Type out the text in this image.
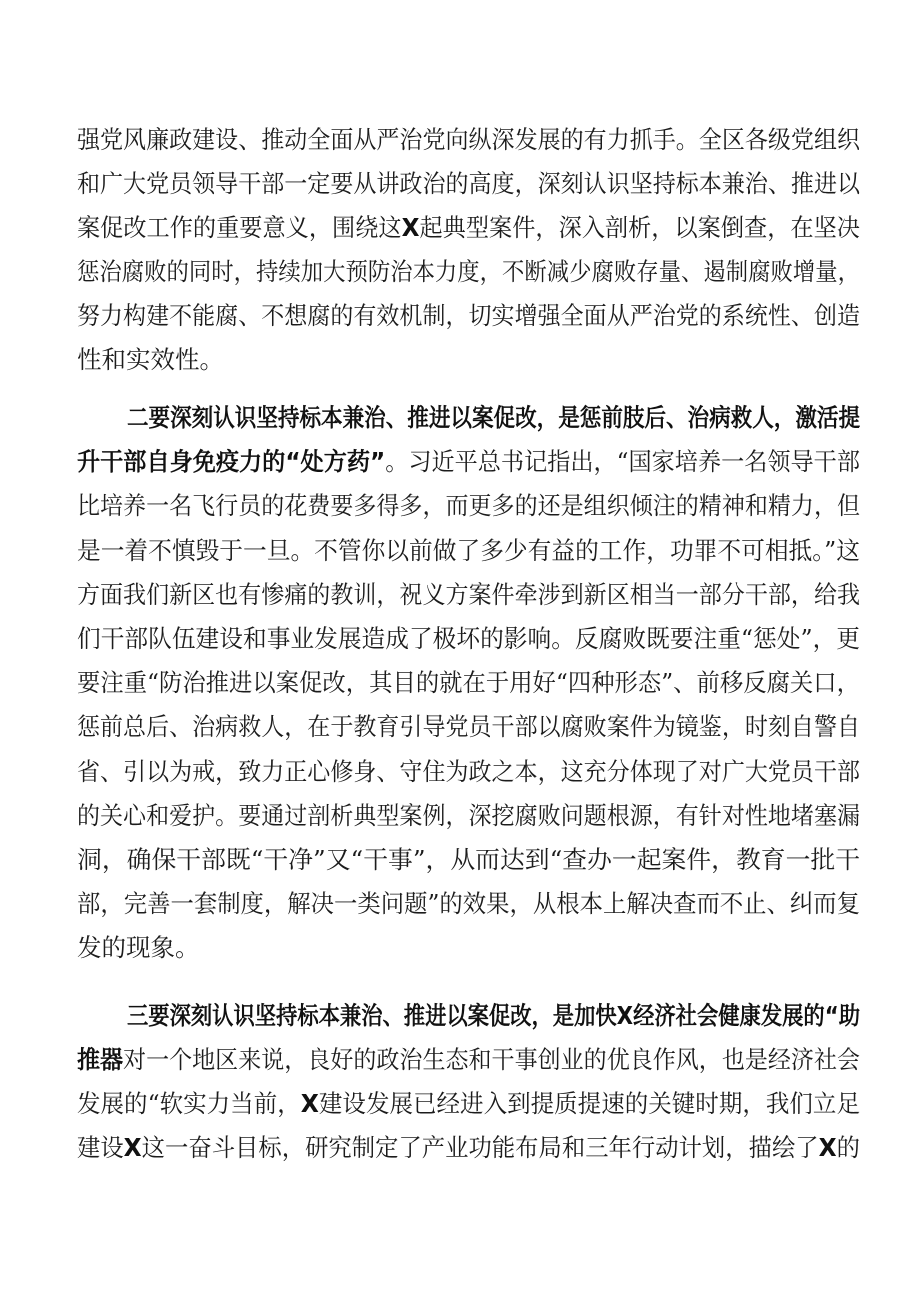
强党风廉政建设、推动全面从严治党向纵深发展的有力抓手。全区各级党组织
和广大党员领导干部一定要从讲政治的高度，深刻认识坚持标本兼治、推进以
案促改工作的重要意义，围绕这X起典型案件，深入剖析，以案倒查，在坚决
惩治腐败的同时，持续加大预防治本力度，不断减少腐败存量、遏制腐败增量，
努力构建不能腐、不想腐的有效机制，切实增强全面从严治党的系统性、创造
性和实效性。
二要深刻认识坚持标本兼治、推进以案促改，是惩前肢后、治病救人，激活提
升干部自身免疫力的“处方药”。习近平总书记指出，“国家培养一名领导干部
比培养一名飞行员的花费要多得多，而更多的还是组织倾注的精神和精力，但
是一着不慎毁于一旦。不管你以前做了多少有益的工作，功罪不可相抵。”这
方面我们新区也有惨痛的教训，祝义方案件牵涉到新区相当一部分干部，给我
们干部队伍建设和事业发展造成了极坏的影响。反腐败既要注重“惩处”，更
要注重“防治推进以案促改，其目的就在于用好“四种形态”、前移反腐关口，
惩前总后、治病救人，在于教育引导党员干部以腐败案件为镜鉴，时刻自警自
省、引以为戒，致力正心修身、守住为政之本，这充分体现了对广大党员干部
的关心和爱护。要通过剖析典型案例，深挖腐败问题根源，有针对性地堵塞漏
洞，确保干部既“干净”又“干事”，从而达到“查办一起案件，教育一批干
部，完善一套制度，解决一类问题”的效果，从根本上解决查而不止、纠而复
发的现象。
三要深刻认识坚持标本兼治、推进以案促改，是加快X经济社会健康发展的“助
推器对一个地区来说，良好的政治生态和干事创业的优良作风，也是经济社会
发展的“软实力当前，X建设发展已经进入到提质提速的关键时期，我们立足
建设X这一奋斗目标，研究制定了产业功能布局和三年行动计划，描绘了X的
